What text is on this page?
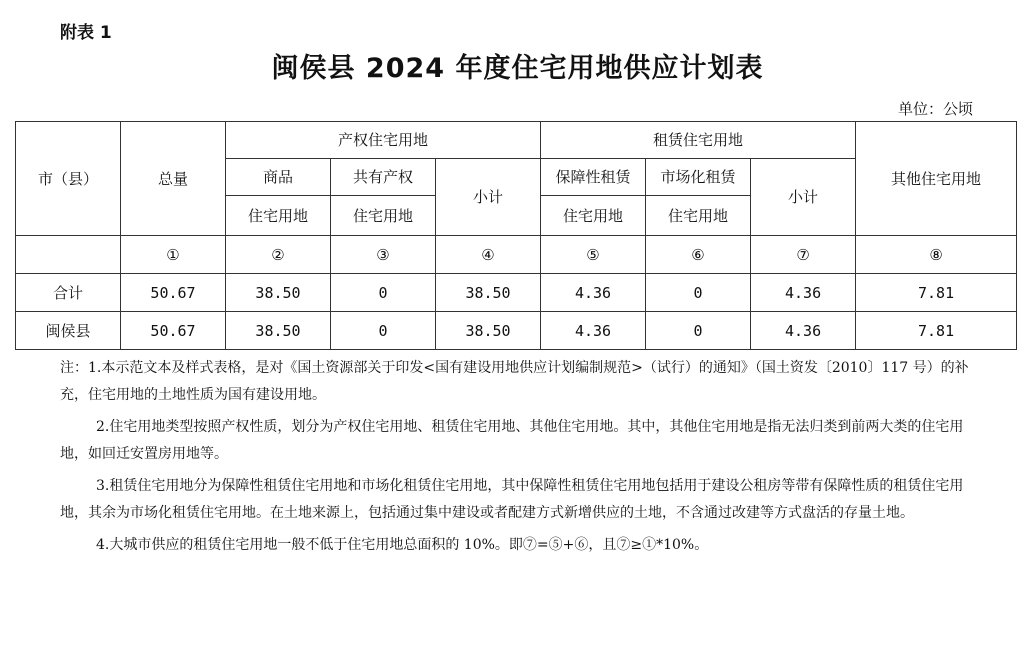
附表 1
闽侯县 2024 年度住宅用地供应计划表
单位：公顷
市（县）	总量	产权住宅用地			租赁住宅用地			其他住宅用地
		商品	共有产权	小计	保障性租赁	市场化租赁	小计	
		住宅用地	住宅用地		住宅用地	住宅用地		
	①	②	③	④	⑤	⑥	⑦	⑧
合计	50.67	38.50	0	38.50	4.36	0	4.36	7.81
闽侯县	50.67	38.50	0	38.50	4.36	0	4.36	7.81

注：1.本示范文本及样式表格，是对《国土资源部关于印发<国有建设用地供应计划编制规范>（试行）的通知》（国土资发〔2010〕117 号）的补充，住宅用地的土地性质为国有建设用地。

2.住宅用地类型按照产权性质，划分为产权住宅用地、租赁住宅用地、其他住宅用地。其中，其他住宅用地是指无法归类到前两大类的住宅用地，如回迁安置房用地等。

3.租赁住宅用地分为保障性租赁住宅用地和市场化租赁住宅用地，其中保障性租赁住宅用地包括用于建设公租房等带有保障性质的租赁住宅用地，其余为市场化租赁住宅用地。在土地来源上，包括通过集中建设或者配建方式新增供应的土地，不含通过改建等方式盘活的存量土地。

4.大城市供应的租赁住宅用地一般不低于住宅用地总面积的 10%。即⑦=⑤+⑥，且⑦≥①*10%。
